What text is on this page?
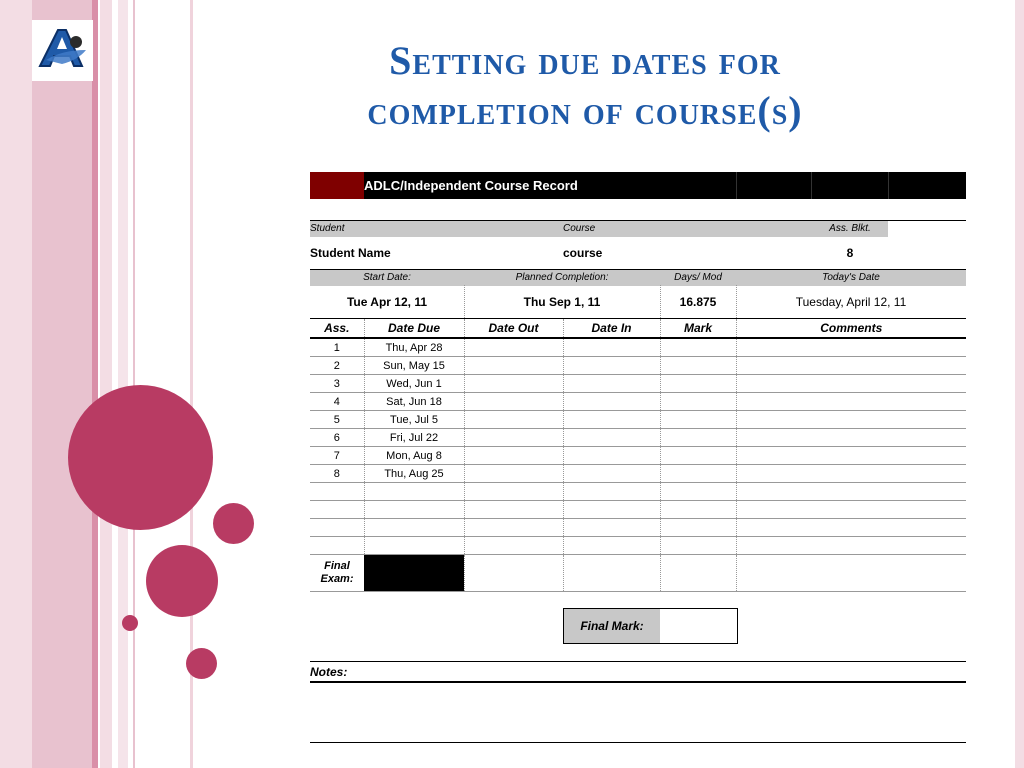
Setting due dates for
completion of course(s)
ADLC/Independent Course Record
Student	Course	Ass. Blkt.
Student Name	course	8
Start Date:	Planned Completion:	Days/ Mod	Today's Date
Tue Apr 12, 11	Thu Sep 1, 11	16.875	Tuesday, April 12, 11
Ass.	Date Due	Date Out	Date In	Mark	Comments
1	Thu, Apr 28				
2	Sun, May 15				
3	Wed, Jun 1				
4	Sat, Jun 18				
5	Tue, Jul 5				
6	Fri, Jul 22				
7	Mon, Aug 8				
8	Thu, Aug 25				

Final
Exam:					

Final Mark:
Notes:
